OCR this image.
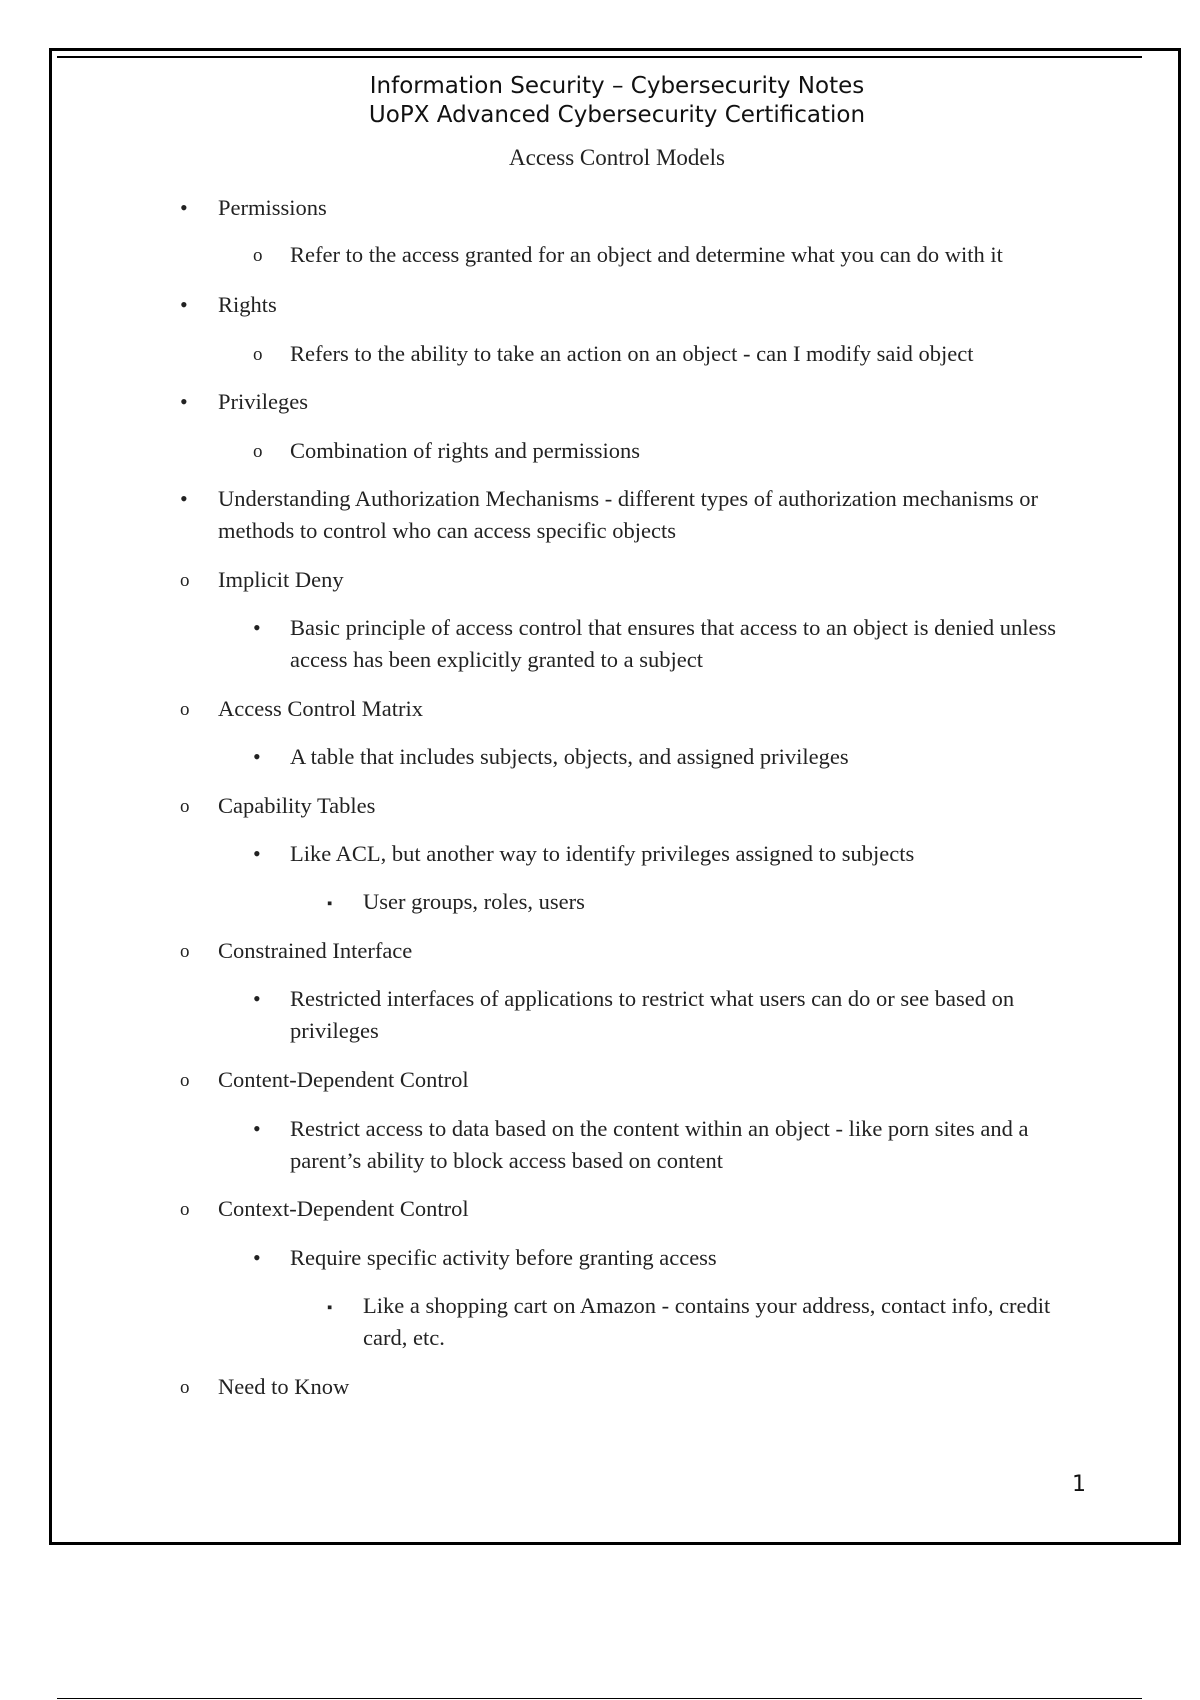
Information Security – Cybersecurity Notes
UoPX Advanced Cybersecurity Certification
Access Control Models
• Permissions
o Refer to the access granted for an object and determine what you can do with it
• Rights
o Refers to the ability to take an action on an object - can I modify said object
• Privileges
o Combination of rights and permissions
• Understanding Authorization Mechanisms - different types of authorization mechanisms or methods to control who can access specific objects
o Implicit Deny
• Basic principle of access control that ensures that access to an object is denied unless access has been explicitly granted to a subject
o Access Control Matrix
• A table that includes subjects, objects, and assigned privileges
o Capability Tables
• Like ACL, but another way to identify privileges assigned to subjects
▪ User groups, roles, users
o Constrained Interface
• Restricted interfaces of applications to restrict what users can do or see based on privileges
o Content-Dependent Control
• Restrict access to data based on the content within an object - like porn sites and a parent’s ability to block access based on content
o Context-Dependent Control
• Require specific activity before granting access
▪ Like a shopping cart on Amazon - contains your address, contact info, credit card, etc.
o Need to Know
1
